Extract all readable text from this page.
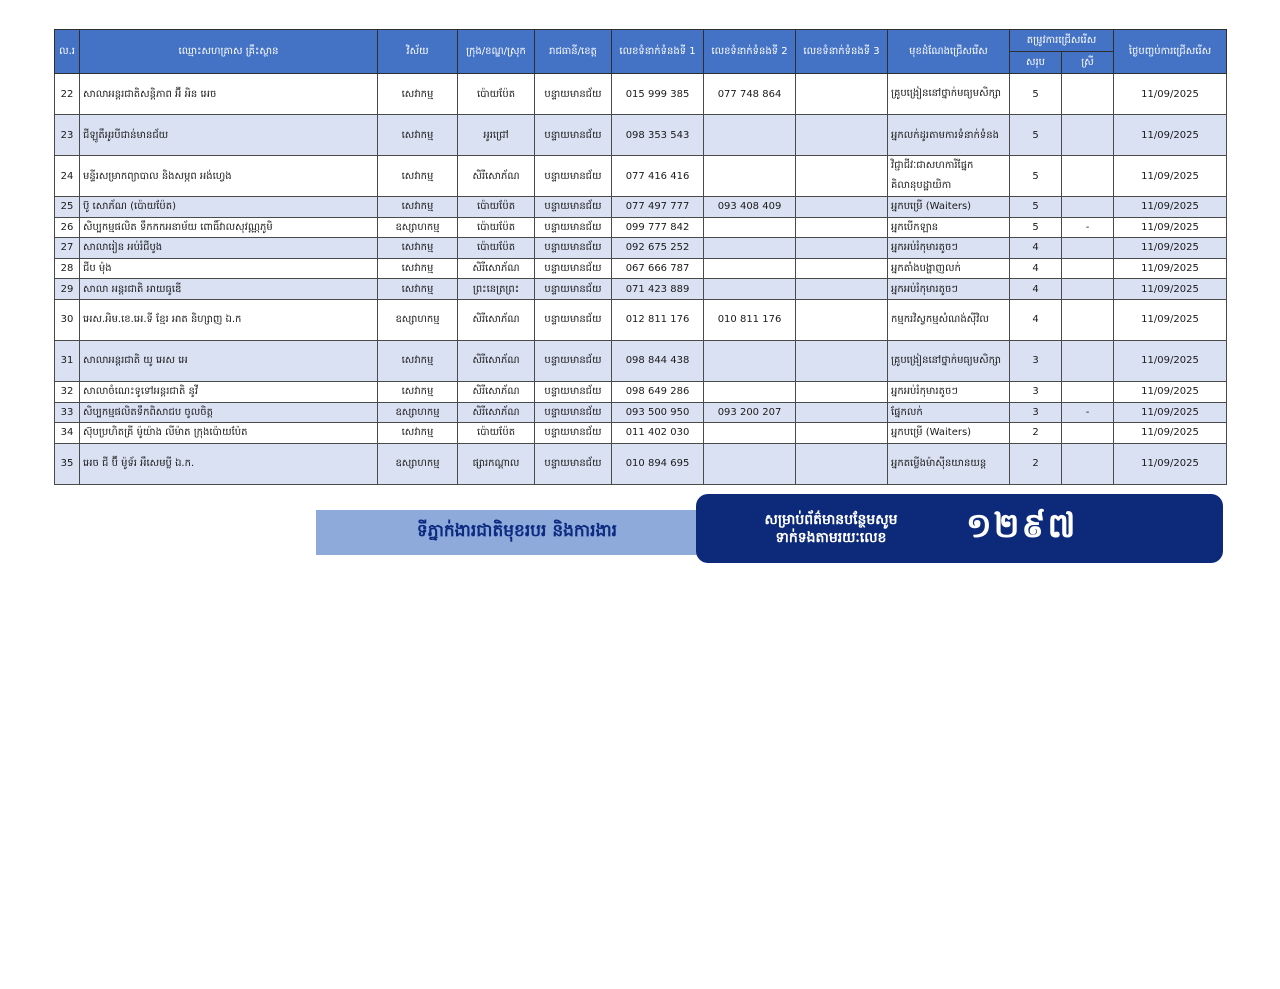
ល.រ	ឈ្មោះសហគ្រាស គ្រឹះស្ថាន	វិស័យ	ក្រុង/ខណ្ឌ/ស្រុក	រាជធានី/ខេត្ត	លេខទំនាក់ទំនងទី 1	លេខទំនាក់ទំនងទី 2	លេខទំនាក់ទំនងទី 3	មុខដំណែងជ្រើសរើស	តម្រូវការជ្រើសរើស		ថ្ងៃបញ្ចប់ការជ្រើសរើស
									សរុប	ស្រី	
22	សាលាអន្តរជាតិសន្តិភាព អ៊ី អិន អេច	សេវាកម្ម	ប៉ោយប៉ែត	បន្ទាយមានជ័យ	015 999 385	077 748 864		គ្រូបង្រៀននៅថ្នាក់មធ្យមសិក្សា	5		11/09/2025
23	ជីឡូតឹអូរបីជាន់មានជ័យ	សេវាកម្ម	អូរជ្រៅ	បន្ទាយមានជ័យ	098 353 543			អ្នកលក់ដូរតាមការទំនាក់ទំនង	5		11/09/2025
24	មន្ទីរសម្រាកព្យាបាល និងសម្ភព អង់ហ្វេង	សេវាកម្ម	សិរីសោភ័ណ	បន្ទាយមានជ័យ	077 416 416			វិជ្ជាជីវៈជាសហការីផ្នែកគិលានុបដ្ឋាយិកា	5		11/09/2025
25	ប៊ូ សោភ័ណ (ប៉ោយប៉ែត)	សេវាកម្ម	ប៉ោយប៉ែត	បន្ទាយមានជ័យ	077 497 777	093 408 409		អ្នកបម្រើ (Waiters)	5		11/09/2025
26	សិប្បកម្មផលិត ទឹកកកអនាម័យ ពោធិ៍វាលសុវណ្ណភូមិ	ឧស្សាហកម្ម	ប៉ោយប៉ែត	បន្ទាយមានជ័យ	099 777 842			អ្នកបើកឡាន	5	-	11/09/2025
27	សាលារៀន អប់រំជីបូង	សេវាកម្ម	ប៉ោយប៉ែត	បន្ទាយមានជ័យ	092 675 252			អ្នកអប់រំកុមារតូចៗ	4		11/09/2025
28	ជីប ម៉ុង	សេវាកម្ម	សិរីសោភ័ណ	បន្ទាយមានជ័យ	067 666 787			អ្នកតាំងបង្ហាញលក់	4		11/09/2025
29	សាលា អន្តរជាតិ អាយធូឌើ	សេវាកម្ម	ព្រះនេត្រព្រះ	បន្ទាយមានជ័យ	071 423 889			អ្នកអប់រំកុមារតូចៗ	4		11/09/2025
30	អេស.អិម.ខេ.អេ.ទី ខ្មែរ អាត និហ្សាញ ឯ.ក	ឧស្សាហកម្ម	សិរីសោភ័ណ	បន្ទាយមានជ័យ	012 811 176	010 811 176		កម្មករវិស្វកម្មសំណង់ស៊ីវិល	4		11/09/2025
31	សាលាអន្តរជាតិ យូ អេស អេ	សេវាកម្ម	សិរីសោភ័ណ	បន្ទាយមានជ័យ	098 844 438			គ្រូបង្រៀននៅថ្នាក់មធ្យមសិក្សា	3		11/09/2025
32	សាលាចំណេះទូទៅអន្តរជាតិ នូវី	សេវាកម្ម	សិរីសោភ័ណ	បន្ទាយមានជ័យ	098 649 286			អ្នកអប់រំកុមារតូចៗ	3		11/09/2025
33	សិប្បកម្មផលិតទឹកពិសាជប ចូលចិត្ត	ឧស្សាហកម្ម	សិរីសោភ័ណ	បន្ទាយមានជ័យ	093 500 950	093 200 207		ផ្នែកលក់	3	-	11/09/2025
34	ស៊ុបប្រហិតគ្រី ម៉ូយ៉ាង លីម៉ាត ក្រុងប៉ោយប៉ែត	សេវាកម្ម	ប៉ោយប៉ែត	បន្ទាយមានជ័យ	011 402 030			អ្នកបម្រើ (Waiters)	2		11/09/2025
35	អេច ជី ប៊ី ម៉ូទ័រ អឹសេមប្លី ឯ.ក.	ឧស្សាហកម្ម	ផ្សារកណ្ដាល	បន្ទាយមានជ័យ	010 894 695			អ្នកតម្លើងម៉ាស៊ីនយានយន្ត	2		11/09/2025
ទីភ្នាក់ងារជាតិមុខរបរ និងការងារ
សម្រាប់ព័ត៌មានបន្ថែមសូម
ទាក់ទងតាមរយៈលេខ	១២៩៧
